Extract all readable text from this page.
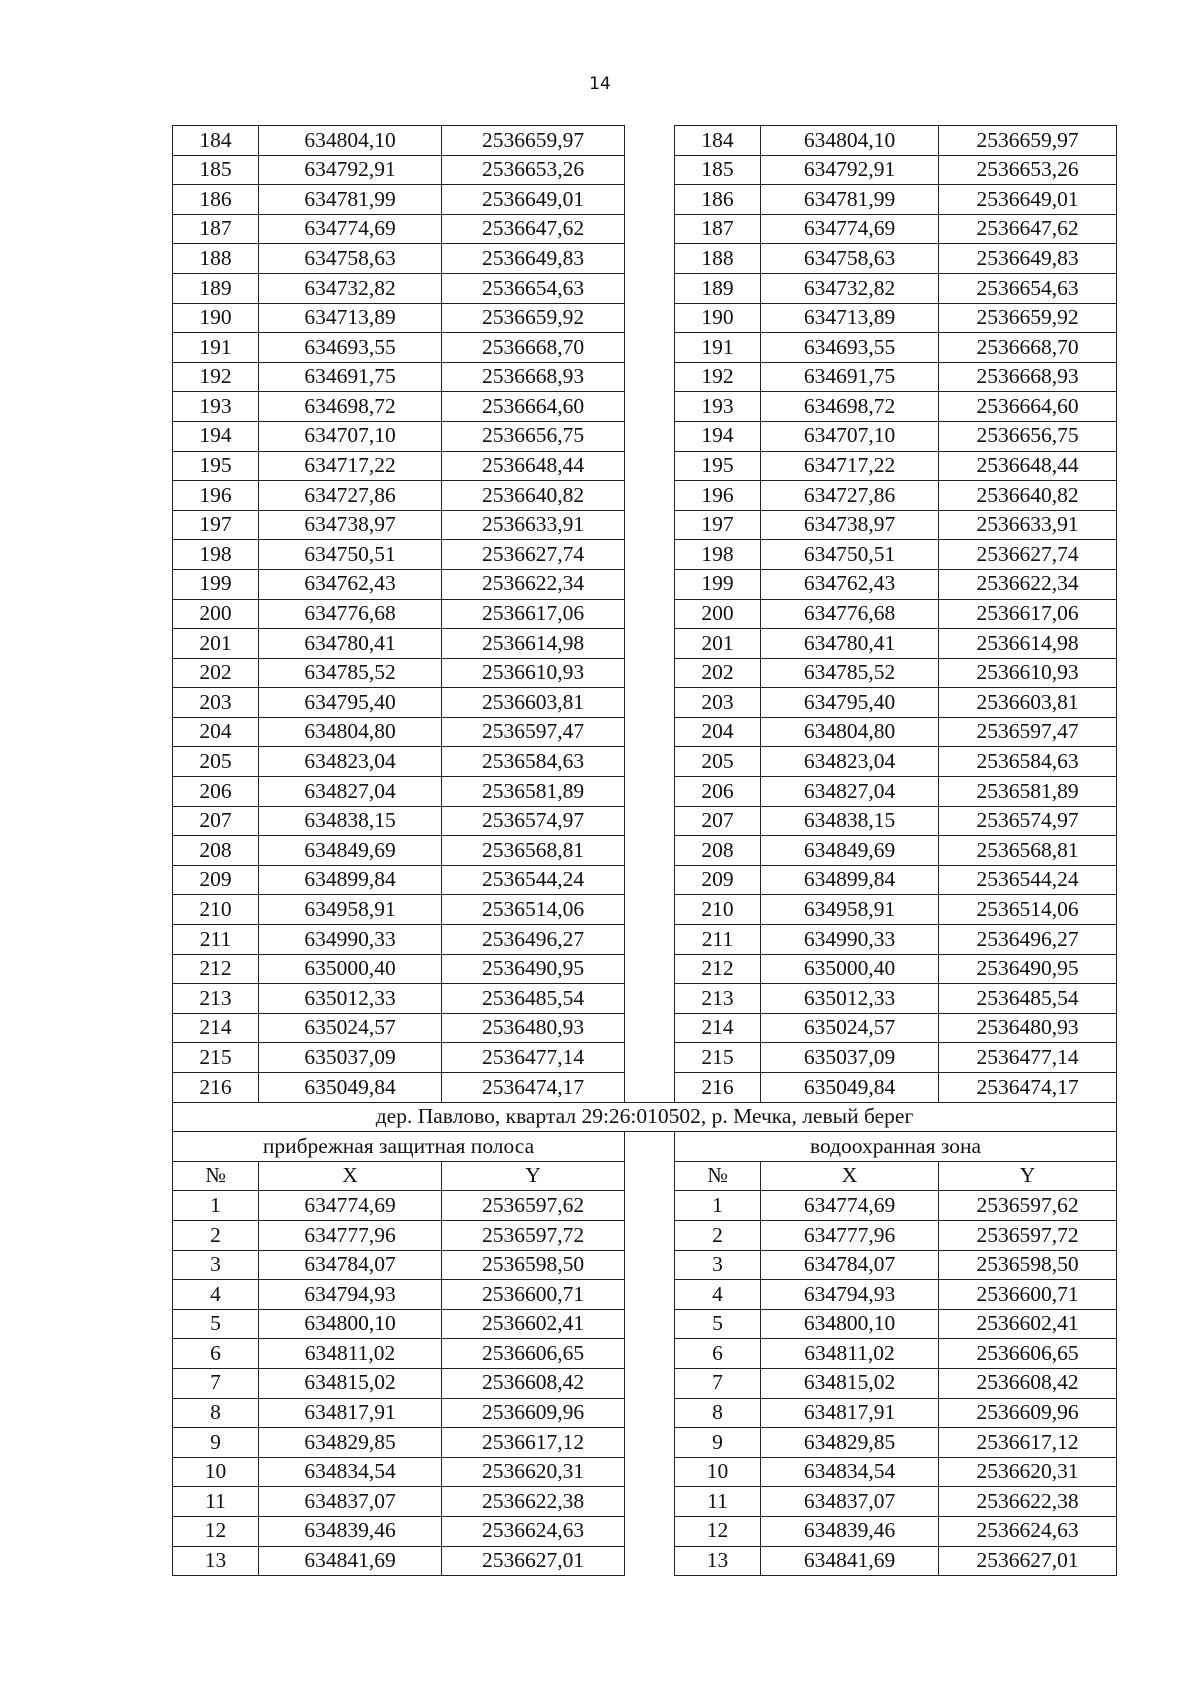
14
184	634804,10	2536659,97		184	634804,10	2536659,97
185	634792,91	2536653,26		185	634792,91	2536653,26
186	634781,99	2536649,01		186	634781,99	2536649,01
187	634774,69	2536647,62		187	634774,69	2536647,62
188	634758,63	2536649,83		188	634758,63	2536649,83
189	634732,82	2536654,63		189	634732,82	2536654,63
190	634713,89	2536659,92		190	634713,89	2536659,92
191	634693,55	2536668,70		191	634693,55	2536668,70
192	634691,75	2536668,93		192	634691,75	2536668,93
193	634698,72	2536664,60		193	634698,72	2536664,60
194	634707,10	2536656,75		194	634707,10	2536656,75
195	634717,22	2536648,44		195	634717,22	2536648,44
196	634727,86	2536640,82		196	634727,86	2536640,82
197	634738,97	2536633,91		197	634738,97	2536633,91
198	634750,51	2536627,74		198	634750,51	2536627,74
199	634762,43	2536622,34		199	634762,43	2536622,34
200	634776,68	2536617,06		200	634776,68	2536617,06
201	634780,41	2536614,98		201	634780,41	2536614,98
202	634785,52	2536610,93		202	634785,52	2536610,93
203	634795,40	2536603,81		203	634795,40	2536603,81
204	634804,80	2536597,47		204	634804,80	2536597,47
205	634823,04	2536584,63		205	634823,04	2536584,63
206	634827,04	2536581,89		206	634827,04	2536581,89
207	634838,15	2536574,97		207	634838,15	2536574,97
208	634849,69	2536568,81		208	634849,69	2536568,81
209	634899,84	2536544,24		209	634899,84	2536544,24
210	634958,91	2536514,06		210	634958,91	2536514,06
211	634990,33	2536496,27		211	634990,33	2536496,27
212	635000,40	2536490,95		212	635000,40	2536490,95
213	635012,33	2536485,54		213	635012,33	2536485,54
214	635024,57	2536480,93		214	635024,57	2536480,93
215	635037,09	2536477,14		215	635037,09	2536477,14
216	635049,84	2536474,17		216	635049,84	2536474,17
дер. Павлово, квартал 29:26:010502, р. Мечка, левый берег						
прибрежная защитная полоса				водоохранная зона		
№	X	Y		№	X	Y
1	634774,69	2536597,62		1	634774,69	2536597,62
2	634777,96	2536597,72		2	634777,96	2536597,72
3	634784,07	2536598,50		3	634784,07	2536598,50
4	634794,93	2536600,71		4	634794,93	2536600,71
5	634800,10	2536602,41		5	634800,10	2536602,41
6	634811,02	2536606,65		6	634811,02	2536606,65
7	634815,02	2536608,42		7	634815,02	2536608,42
8	634817,91	2536609,96		8	634817,91	2536609,96
9	634829,85	2536617,12		9	634829,85	2536617,12
10	634834,54	2536620,31		10	634834,54	2536620,31
11	634837,07	2536622,38		11	634837,07	2536622,38
12	634839,46	2536624,63		12	634839,46	2536624,63
13	634841,69	2536627,01		13	634841,69	2536627,01
